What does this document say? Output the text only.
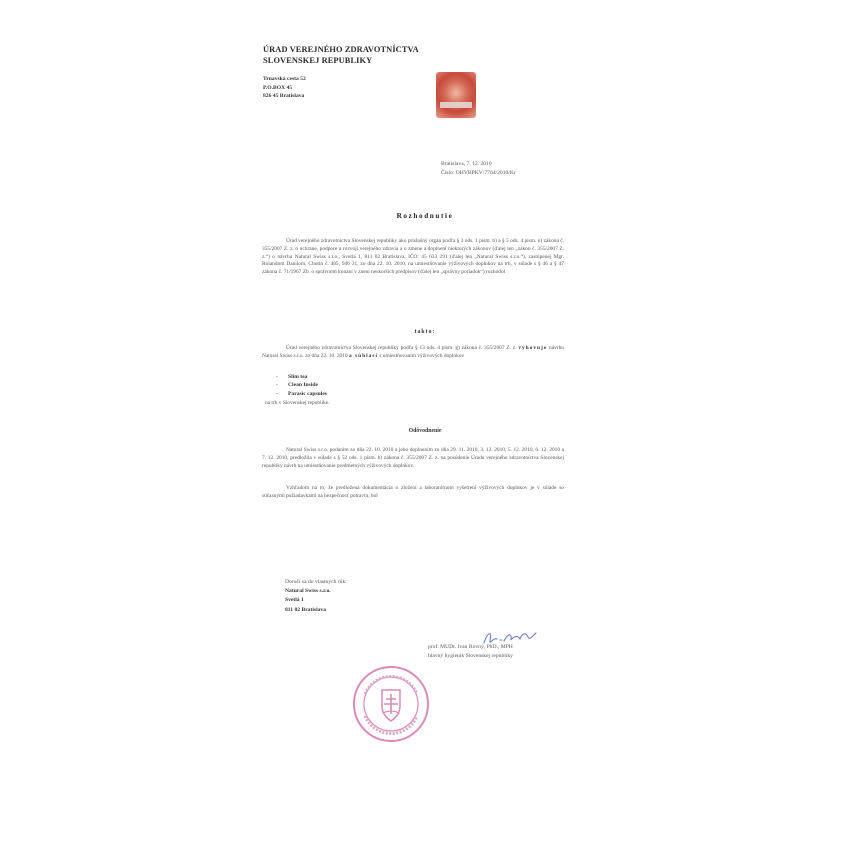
ÚRAD VEREJNÉHO ZDRAVOTNÍCTVA
SLOVENSKEJ REPUBLIKY
Trnavská cesta 52
P.O.BOX 45
826 45 Bratislava
Bratislava, 7. 12. 2010
Číslo: OHVBPKV/7764/2010/Kr
Rozhodnutie
Úrad verejného zdravotníctva Slovenskej republiky ako príslušný orgán podľa § 3 ods. 1 písm. b) a § 5 ods. 4 písm. n) zákona č. 355/2007 Z. z. o ochrane, podpore a rozvoji verejného zdravia a o zmene a doplnení niektorých zákonov (ďalej len „zákon č. 355/2007 Z. z.“) o návrhu Natural Swiss s.r.o., Svetlá 1, 811 02 Bratislava, IČO: 45 633 291 (ďalej len „Natural Swiss s.r.o.“), zastúpenej Mgr. Rolandom Danilom, Chotín č. 485, 946 31, zo dňa 22. 10. 2010, na umiestňovanie výživových doplnkov na trh, v súlade s § 46 a § 47 zákona č. 71/1967 Zb. o správnom konaní v znení neskorších predpisov (ďalej len „správny poriadok“) rozhodol
takto:
Úrad verejného zdravotníctva Slovenskej republiky podľa § 13 ods. 4 písm. g) zákona č. 355/2007 Z. z. vyhovuje návrhu Natural Swiss s.r.o. zo dňa 22. 10. 2010 a súhlasí s umiestňovaním výživových doplnkov
-	Slim tea
-	Clean Inside
-	Parasic capsules
na trh v Slovenskej republike.
Odôvodnenie
Natural Swiss s.r.o. podaním zo dňa 22. 10. 2010 a jeho doplnením zo dňa 29. 11. 2010, 3. 12. 2010, 5. 12. 2010, 6. 12. 2010 a 7. 12. 2010, predložila v súlade s § 52 ods. 1 písm. b) zákona č. 355/2007 Z. z. na posúdenie Úradu verejného zdravotníctva Slovenskej republiky návrh na umiestňovanie predmetných výživových doplnkov.
Vzhľadom na to, že predložená dokumentácia o zložení a laboratórnom vyšetrení výživových doplnkov je v súlade so súčasnými požiadavkami na bezpečnosť potravín, bol
Doručí sa do vlastných rúk:
Natural Swiss s.r.o.
Svetlá 1
811 02 Bratislava
prof. MUDr. Ivan Rovný, PhD., MPH
hlavný hygienik Slovenskej republiky
